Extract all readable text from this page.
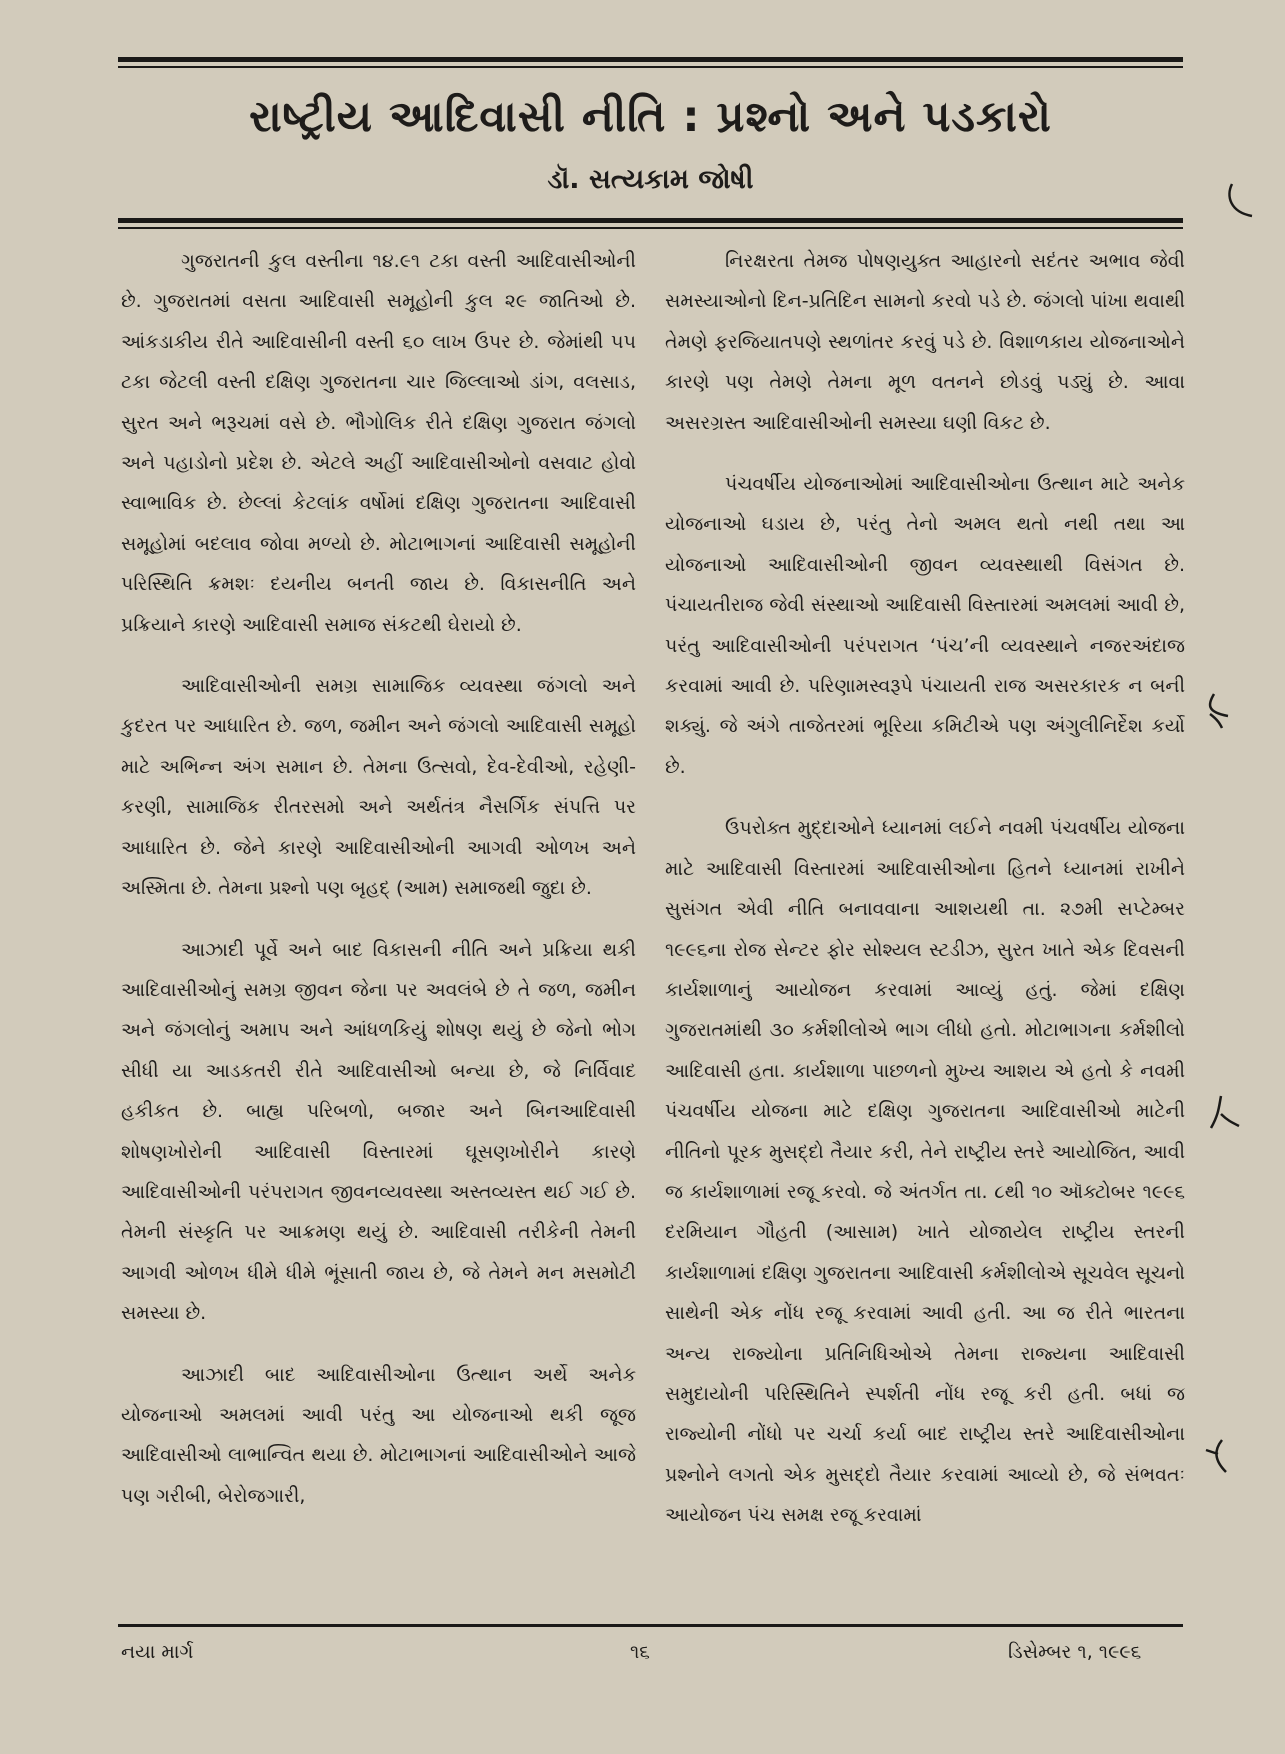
રાષ્ટ્રીય આદિવાસી નીતિ : પ્રશ્નો અને પડકારો
ડૉ. સત્યકામ જોષી

ગુજરાતની કુલ વસ્તીના ૧૪.૯૧ ટકા વસ્તી આદિવાસીઓની છે. ગુજરાતમાં વસતા આદિવાસી સમૂહોની કુલ ૨૯ જાતિઓ છે. આંકડાકીય રીતે આદિવાસીની વસ્તી ૬૦ લાખ ઉપર છે. જેમાંથી ૫૫ ટકા જેટલી વસ્તી દક્ષિણ ગુજરાતના ચાર જિલ્લાઓ ડાંગ, વલસાડ, સુરત અને ભરૂચમાં વસે છે. ભૌગોલિક રીતે દક્ષિણ ગુજરાત જંગલો અને પહાડોનો પ્રદેશ છે. એટલે અહીં આદિવાસીઓનો વસવાટ હોવો સ્વાભાવિક છે. છેલ્લાં કેટલાંક વર્ષોમાં દક્ષિણ ગુજરાતના આદિવાસી સમૂહોમાં બદલાવ જોવા મળ્યો છે. મોટાભાગનાં આદિવાસી સમૂહોની પરિસ્થિતિ ક્રમશઃ દયનીય બનતી જાય છે. વિકાસનીતિ અને પ્રક્રિયાને કારણે આદિવાસી સમાજ સંકટથી ઘેરાયો છે.

આદિવાસીઓની સમગ્ર સામાજિક વ્યવસ્થા જંગલો અને કુદરત પર આધારિત છે. જળ, જમીન અને જંગલો આદિવાસી સમૂહો માટે અભિન્ન અંગ સમાન છે. તેમના ઉત્સવો, દેવ-દેવીઓ, રહેણી-કરણી, સામાજિક રીતરસમો અને અર્થતંત્ર નૈસર્ગિક સંપત્તિ પર આધારિત છે. જેને કારણે આદિવાસીઓની આગવી ઓળખ અને અસ્મિતા છે. તેમના પ્રશ્નો પણ બૃહદ્ (આમ) સમાજથી જુદા છે.

આઝાદી પૂર્વે અને બાદ વિકાસની નીતિ અને પ્રક્રિયા થકી આદિવાસીઓનું સમગ્ર જીવન જેના પર અવલંબે છે તે જળ, જમીન અને જંગલોનું અમાપ અને આંધળકિયું શોષણ થયું છે જેનો ભોગ સીધી યા આડકતરી રીતે આદિવાસીઓ બન્યા છે, જે નિર્વિવાદ હકીકત છે. બાહ્ય પરિબળો, બજાર અને બિનઆદિવાસી શોષણખોરોની આદિવાસી વિસ્તારમાં ઘૂસણખોરીને કારણે આદિવાસીઓની પરંપરાગત જીવનવ્યવસ્થા અસ્તવ્યસ્ત થઈ ગઈ છે. તેમની સંસ્કૃતિ પર આક્રમણ થયું છે. આદિવાસી તરીકેની તેમની આગવી ઓળખ ધીમે ધીમે ભૂંસાતી જાય છે, જે તેમને મન મસમોટી સમસ્યા છે.

આઝાદી બાદ આદિવાસીઓના ઉત્થાન અર્થે અનેક યોજનાઓ અમલમાં આવી પરંતુ આ યોજનાઓ થકી જૂજ આદિવાસીઓ લાભાન્વિત થયા છે. મોટાભાગનાં આદિવાસીઓને આજે પણ ગરીબી, બેરોજગારી,

નિરક્ષરતા તેમજ પોષણયુક્ત આહારનો સદંતર અભાવ જેવી સમસ્યાઓનો દિન-પ્રતિદિન સામનો કરવો પડે છે. જંગલો પાંખા થવાથી તેમણે ફરજિયાતપણે સ્થળાંતર કરવું પડે છે. વિશાળકાય યોજનાઓને કારણે પણ તેમણે તેમના મૂળ વતનને છોડવું પડ્યું છે. આવા અસરગ્રસ્ત આદિવાસીઓની સમસ્યા ઘણી વિકટ છે.

પંચવર્ષીય યોજનાઓમાં આદિવાસીઓના ઉત્થાન માટે અનેક યોજનાઓ ઘડાય છે, પરંતુ તેનો અમલ થતો નથી તથા આ યોજનાઓ આદિવાસીઓની જીવન વ્યવસ્થાથી વિસંગત છે. પંચાયતીરાજ જેવી સંસ્થાઓ આદિવાસી વિસ્તારમાં અમલમાં આવી છે, પરંતુ આદિવાસીઓની પરંપરાગત ‘પંચ’ની વ્યવસ્થાને નજરઅંદાજ કરવામાં આવી છે. પરિણામસ્વરૂપે પંચાયતી રાજ અસરકારક ન બની શક્યું. જે અંગે તાજેતરમાં ભૂરિયા કમિટીએ પણ અંગુલીનિર્દેશ કર્યો છે.

ઉપરોક્ત મુદ્દાઓને ધ્યાનમાં લઈને નવમી પંચવર્ષીય યોજના માટે આદિવાસી વિસ્તારમાં આદિવાસીઓના હિતને ધ્યાનમાં રાખીને સુસંગત એવી નીતિ બનાવવાના આશયથી તા. ૨૭મી સપ્ટેમ્બર ૧૯૯૬ના રોજ સેન્ટર ફોર સોશ્યલ સ્ટડીઝ, સુરત ખાતે એક દિવસની કાર્યશાળાનું આયોજન કરવામાં આવ્યું હતું. જેમાં દક્ષિણ ગુજરાતમાંથી ૩૦ કર્મશીલોએ ભાગ લીધો હતો. મોટાભાગના કર્મશીલો આદિવાસી હતા. કાર્યશાળા પાછળનો મુખ્ય આશય એ હતો કે નવમી પંચવર્ષીય યોજના માટે દક્ષિણ ગુજરાતના આદિવાસીઓ માટેની નીતિનો પૂરક મુસદ્દો તૈયાર કરી, તેને રાષ્ટ્રીય સ્તરે આયોજિત, આવી જ કાર્યશાળામાં રજૂ કરવો. જે અંતર્ગત તા. ૮થી ૧૦ ઑક્ટોબર ૧૯૯૬ દરમિયાન ગૌહતી (આસામ) ખાતે યોજાયેલ રાષ્ટ્રીય સ્તરની કાર્યશાળામાં દક્ષિણ ગુજરાતના આદિવાસી કર્મશીલોએ સૂચવેલ સૂચનો સાથેની એક નોંધ રજૂ કરવામાં આવી હતી. આ જ રીતે ભારતના અન્ય રાજ્યોના પ્રતિનિધિઓએ તેમના રાજ્યના આદિવાસી સમુદાયોની પરિસ્થિતિને સ્પર્શતી નોંધ રજૂ કરી હતી. બધાં જ રાજ્યોની નોંધો પર ચર્ચા કર્યા બાદ રાષ્ટ્રીય સ્તરે આદિવાસીઓના પ્રશ્નોને લગતો એક મુસદ્દો તૈયાર કરવામાં આવ્યો છે, જે સંભવતઃ આયોજન પંચ સમક્ષ રજૂ કરવામાં

નયા માર્ગ	૧૬	ડિસેમ્બર ૧, ૧૯૯૬
